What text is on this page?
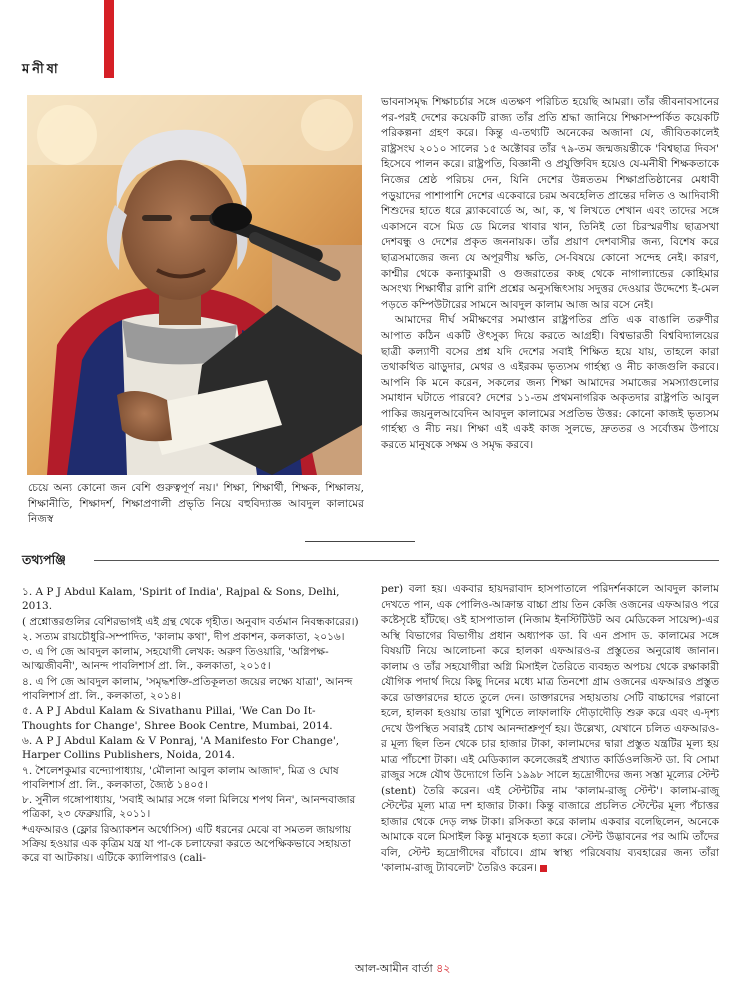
মনীষা
চেয়ে অন্য কোনো জন বেশি গুরুত্বপূর্ণ নয়।' শিক্ষা, শিক্ষার্থী, শিক্ষক, শিক্ষালয়, শিক্ষানীতি, শিক্ষাদর্শ, শিক্ষাপ্রণালী প্রভৃতি নিয়ে বহুবিদ্যাজ্ঞ আবদুল কালামের নিজস্ব

ভাবনাসমৃদ্ধ শিক্ষাচর্চার সঙ্গে এতক্ষণ পরিচিত হয়েছি আমরা। তাঁর জীবনাবসানের পর-পরই দেশের কয়েকটি রাজ্য তাঁর প্রতি শ্রদ্ধা জানিয়ে শিক্ষাসম্পর্কিত কয়েকটি পরিকল্পনা গ্রহণ করে। কিন্তু এ-তথ্যটি অনেকের অজানা যে, জীবিতকালেই রাষ্ট্রসংঘ ২০১০ সালের ১৫ অক্টোবর তাঁর ৭৯-তম জন্মজয়ন্তীকে 'বিশ্বছাত্র দিবস' হিসেবে পালন করে। রাষ্ট্রপতি, বিজ্ঞানী ও প্রযুক্তিবিদ হয়েও যে-মনীষী শিক্ষকতাকে নিজের শ্রেষ্ঠ পরিচয় দেন, যিনি দেশের উন্নততম শিক্ষাপ্রতিষ্ঠানের মেধাবী পড়ুয়াদের পাশাপাশি দেশের একেবারে চরম অবহেলিত প্রান্তের দলিত ও আদিবাসী শিশুদের হাতে ধরে ব্ল্যাকবোর্ডে অ, আ, ক, খ লিখতে শেখান এবং তাদের সঙ্গে একাসনে বসে মিড ডে মিলের খাবার খান, তিনিই তো চিরস্মরণীয় ছাত্রসখা দেশবন্ধু ও দেশের প্রকৃত জননায়ক। তাঁর প্রয়াণ দেশবাসীর জন্য, বিশেষ করে ছাত্রসমাজের জন্য যে অপূরণীয় ক্ষতি, সে-বিষয়ে কোনো সন্দেহ নেই। কারণ, কাশ্মীর থেকে কন্যাকুমারী ও গুজরাতের কচ্ছ থেকে নাগাল্যান্ডের কোহিমার অসংখ্য শিক্ষার্থীর রাশি রাশি প্রশ্নের অনুসন্ধিৎসায় সদুত্তর দেওয়ার উদ্দেশ্যে ই-মেল পড়তে কম্পিউটারের সামনে আবদুল কালাম আজ আর বসে নেই।

আমাদের দীর্ঘ সমীক্ষণের সমাপ্তান রাষ্ট্রপতির প্রতি এক বাঙালি তরুণীর আপাত কঠিন একটি ঔৎসুক্য দিয়ে করতে আগ্রহী। বিশ্বভারতী বিশ্ববিদ্যালয়ের ছাত্রী কল্যাণী বসের প্রশ্ন যদি দেশের সবাই শিক্ষিত হয়ে যায়, তাহলে কারা তথাকথিত ঝাড়ুদার, মেথর ও এইরকম ভৃত্যসম গার্হস্থ্য ও নীচ কাজগুলি করবে। আপনি কি মনে করেন, সকলের জন্য শিক্ষা আমাদের সমাজের সমস্যাগুলোর সমাধান ঘটাতে পারবে? দেশের ১১-তম প্রথমনাগরিক অকৃতদার রাষ্ট্রপতি আবুল পাকির জয়নুলআবেদিন আবদুল কালামের সপ্রতিভ উত্তর: কোনো কাজই ভৃত্যসম গার্হস্থ্য ও নীচ নয়। শিক্ষা এই একই কাজ সুলভে, দ্রুততর ও সর্বোত্তম উপায়ে করতে মানুষকে সক্ষম ও সমৃদ্ধ করবে।

তথ্যপঞ্জি

১. A P J Abdul Kalam, 'Spirit of India', Rajpal & Sons, Delhi, 2013.

( প্রশ্নোত্তরগুলির বেশিরভাগই এই গ্রন্থ থেকে গৃহীত। অনুবাদ বর্তমান নিবন্ধকারের।)

২. সত্যম রায়চৌধুরি-সম্পাদিত, 'কালাম কথা', দীপ প্রকাশন, কলকাতা, ২০১৬।

৩. এ পি জে আবদুল কালাম, সহযোগী লেখক: অরুণ তিওয়ারি, 'অগ্নিপক্ষ-আত্মজীবনী', আনন্দ পাবলিশার্স প্রা. লি., কলকাতা, ২০১৫।

৪. এ পি জে আবদুল কালাম, 'সমৃদ্ধশক্তি-প্রতিকূলতা জয়ের লক্ষ্যে যাত্রা', আনন্দ পাবলিশার্স প্রা. লি., কলকাতা, ২০১৪।

৫. A P J Abdul Kalam & Sivathanu Pillai, 'We Can Do It-Thoughts for Change', Shree Book Centre, Mumbai, 2014.

৬. A P J Abdul Kalam & V Ponraj, 'A Manifesto For Change', Harper Collins Publishers, Noida, 2014.

৭. শৈলেশকুমার বন্দ্যোপাধ্যায়, 'মৌলানা আবুল কালাম আজাদ', মিত্র ও ঘোষ পাবলিশার্স প্রা. লি., কলকাতা, জ্যৈষ্ঠ ১৪০৫।

৮. সুনীল গঙ্গোপাধ্যায়, 'সবাই আমার সঙ্গে গলা মিলিয়ে শপথ নিন', আনন্দবাজার পত্রিকা, ২৩ ফেব্রুয়ারি, ২০১১।

*এফআরও (ফ্লোর রিঅ্যাকশন অর্থোসিস) এটি ধরনের মেঝে বা সমতল জায়গায় সক্রিয় হওয়ার এক কৃত্রিম যন্ত্র যা পা-কে চলাফেরা করতে অপেক্ষিকভাবে সহায়তা করে বা আটকায়। এটিকে ক্যালিপারও (cali-

per) বলা হয়। একবার হায়দরাবাদ হাসপাতালে পরিদর্শনকালে আবদুল কালাম দেখতে পান, এক পোলিও-আক্রান্ত বাচ্চা প্রায় তিন কেজি ওজনের এফআরও পরে কষ্টেসৃষ্টে হাঁটছে। ওই হাসপাতাল (নিজাম ইনস্টিটিউট অব মেডিকেল সায়েন্স)-এর অস্থি বিভাগের বিভাগীয় প্রধান অধ্যাপক ডা. বি এন প্রসাদ ড. কালামের সঙ্গে বিষয়টি নিয়ে আলোচনা করে হালকা এফআরও-র প্রস্তুতের অনুরোধ জানান। কালাম ও তাঁর সহযোগীরা অগ্নি মিসাইল তৈরিতে ব্যবহৃত অপচয় থেকে রক্ষাকারী যৌগিক পদার্থ দিয়ে কিছু দিনের মধ্যে মাত্র তিনশো গ্রাম ওজনের এফআরও প্রস্তুত করে ডাক্তারদের হাতে তুলে দেন। ডাক্তারদের সহায়তায় সেটি বাচ্চাদের পরানো হলে, হালকা হওয়ায় তারা খুশিতে লাফালাফি দৌড়াদৌড়ি শুরু করে এবং এ-দৃশ্য দেখে উপস্থিত সবারই চোখ আনন্দাশ্রুপূর্ণ হয়। উল্লেখ্য, যেখানে চলিত এফআরও-র মূল্য ছিল তিন থেকে চার হাজার টাকা, কালামদের দ্বারা প্রস্তুত যন্ত্রটির মূল্য হয় মাত্র পাঁচশো টাকা। এই মেডিক্যাল কলেজেরই প্রখ্যাত কার্ডিওলজিস্ট ডা. বি সোমা রাজুর সঙ্গে যৌথ উদ্যোগে তিনি ১৯৯৮ সালে হৃদ্রোগীদের জন্য সস্তা মূল্যের স্টেন্ট (stent) তৈরি করেন। এই স্টেন্টটির নাম 'কালাম-রাজু স্টেন্ট'। কালাম-রাজু স্টেন্টের মূল্য মাত্র দশ হাজার টাকা। কিন্তু বাজারে প্রচলিত স্টেন্টের মূল্য পঁচাত্তর হাজার থেকে দেড় লক্ষ টাকা। রসিকতা করে কালাম একবার বলেছিলেন, অনেকে আমাকে বলে মিসাইল কিন্তু মানুষকে হত্যা করে। স্টেন্ট উদ্ভাবনের পর আমি তাঁদের বলি, স্টেন্ট হৃদ্রোগীদের বাঁচাবে। গ্রাম স্বাস্থ্য পরিষেবায় ব্যবহারের জন্য তাঁরা 'কালাম-রাজু ট্যাবলেট' তৈরিও করেন।
আল-আমীন বার্তা ৪২
